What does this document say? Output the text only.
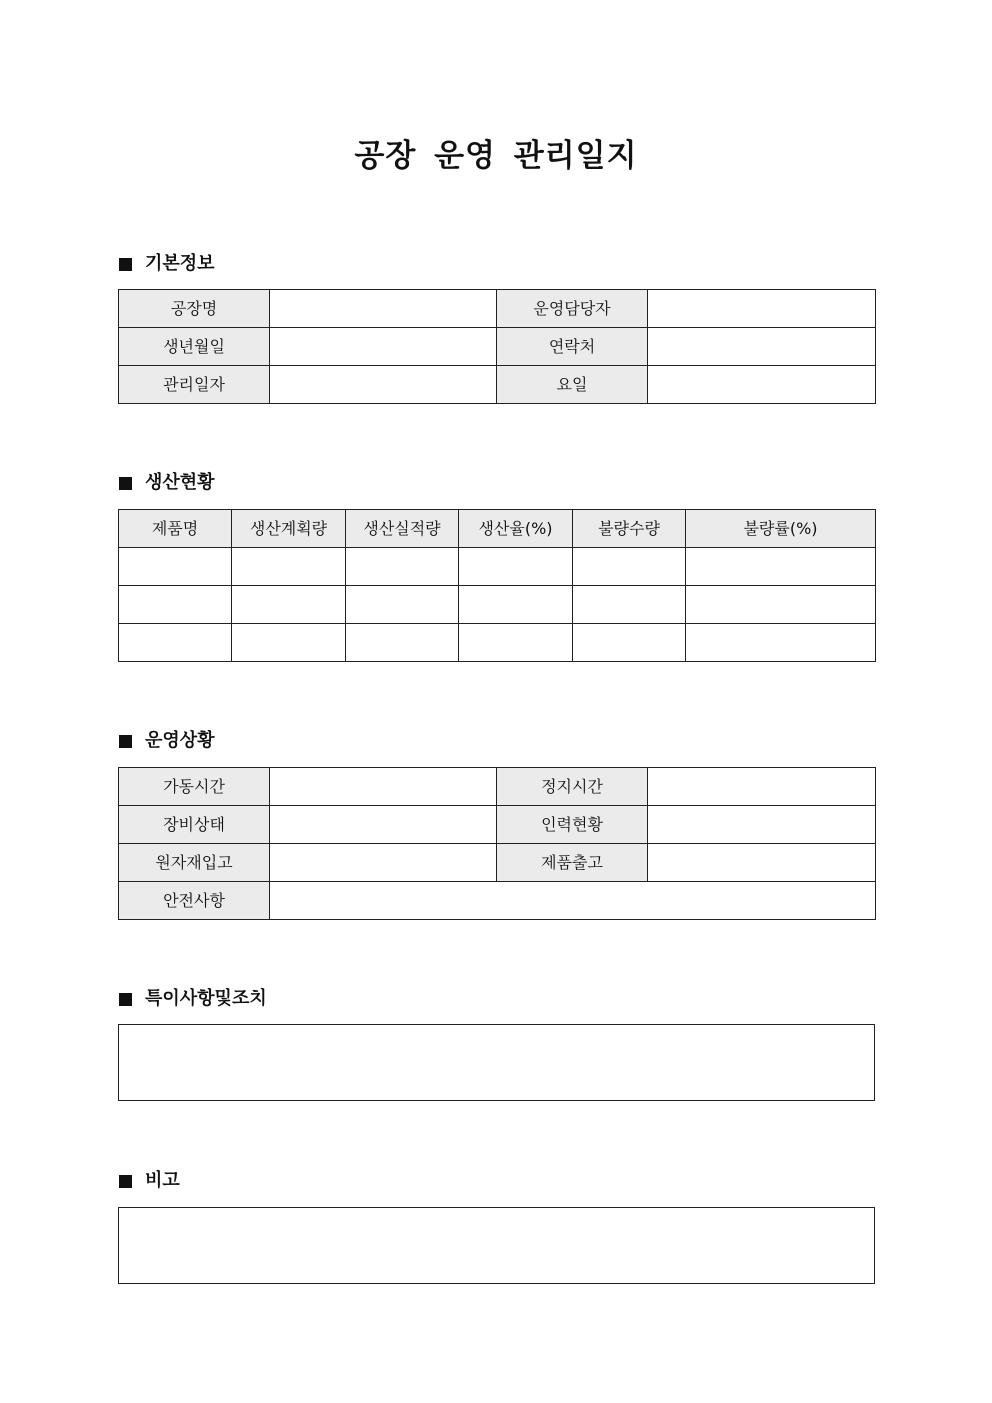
공장 운영 관리일지
기본정보
공장명		운영담당자	
생년월일		연락처	
관리일자		요일	
생산현황
제품명	생산계획량	생산실적량	생산율(%)	불량수량	불량률(%)

운영상황
가동시간		정지시간	
장비상태		인력현황	
원자재입고		제품출고	
안전사항			
특이사항및조치
비고
